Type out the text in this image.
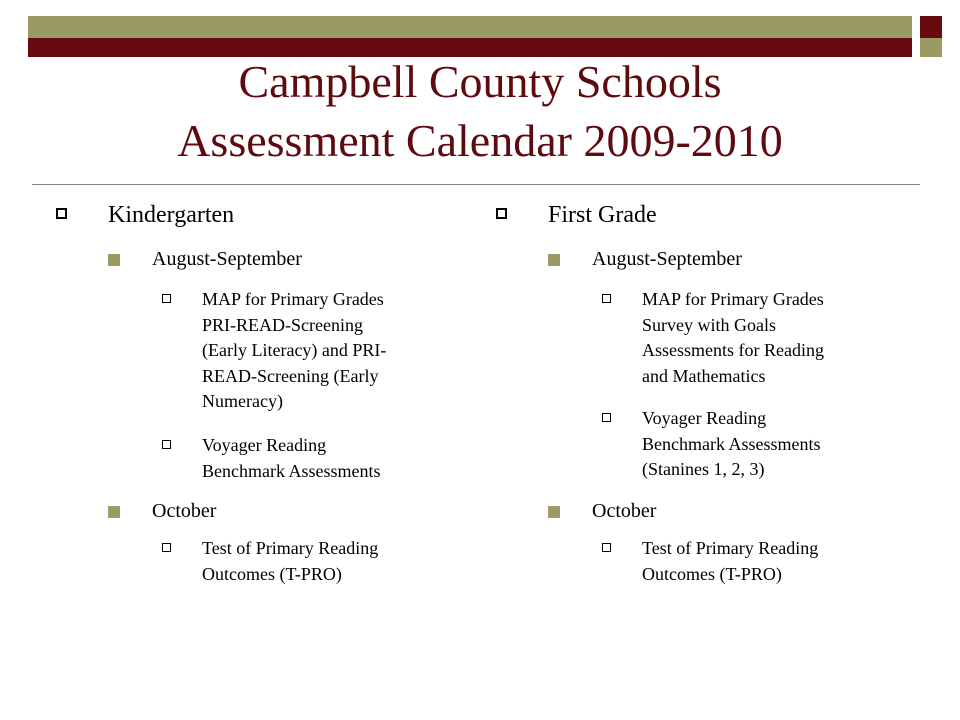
Campbell County Schools
Assessment Calendar 2009-2010
Kindergarten
August-September
MAP for Primary Grades
PRI-READ-Screening
(Early Literacy) and PRI-
READ-Screening (Early
Numeracy)
Voyager Reading
Benchmark Assessments
October
Test of Primary Reading
Outcomes (T-PRO)
First Grade
August-September
MAP for Primary Grades
Survey with Goals
Assessments for Reading
and Mathematics
Voyager Reading
Benchmark Assessments
(Stanines 1, 2, 3)
October
Test of Primary Reading
Outcomes (T-PRO)
